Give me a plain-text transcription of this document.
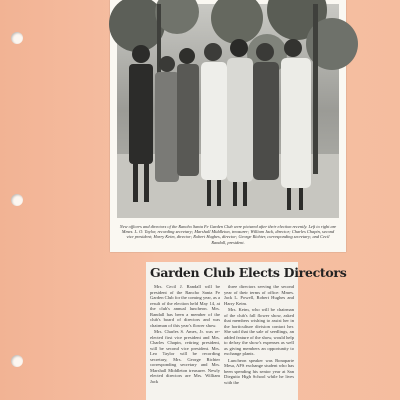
New officers and directors of the Rancho Santa Fe Garden Club were pictured after their election recently. Left to right are Mmes. L. O. Taylor, recording secretary; Marshall Middleton, treasurer; William Jack, director; Charles Chapin, second vice president; Harry Keim, director; Robert Hughes, director; George Richter, corresponding secretary; and Cecil Randall, president.
Garden Club Elects Directors

Mrs. Cecil J. Randall will be president of the Rancho Santa Fe Garden Club for the coming year, as a result of the election held May 14, at the club's annual luncheon. Mrs. Randall has been a member of the club's board of directors and was chairman of this year's flower show.

Mrs. Charles S. Ames, Jr. was re-elected first vice president and Mrs. Charles Chapin, retiring president, will be second vice president. Mrs. Leo Taylor will be recording secretary, Mrs. George Richter corresponding secretary and Mrs. Marshall Middleton treasurer. Newly elected directors are Mrs. William Jack

three directors serving the second year of their terms of office: Mmes. Jack L. Powell, Robert Hughes and Harry Keim.

Mrs. Keim, who will be chairman of the club's fall flower show, asked that members wishing to assist her in the horticulture division contact her. She said that the sale of seedlings, an added feature of the show, would help to defray the show's expenses as well as giving members an opportunity to exchange plants.

Luncheon speaker was Bonaparte Mesa, AFS exchange student who has been spending his senior year at San Dieguito High School while he lives with the
